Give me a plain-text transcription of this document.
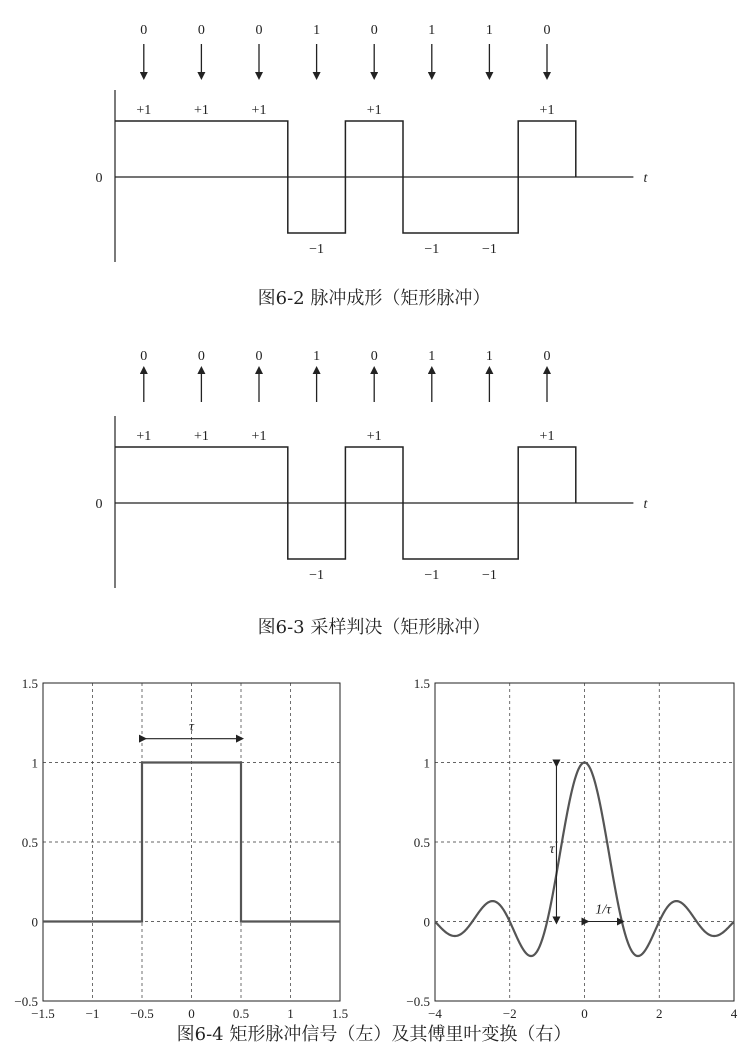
0	0	0	1	0	1	1	0
0	t
+1	+1	+1
−1
+1
−1	−1
+1
图6-2 脉冲成形（矩形脉冲）
0	0	0	1	0	1	1	0
0	t
+1	+1	+1
−1
+1
−1	−1
+1
图6-3 采样判决（矩形脉冲）
−1.5 −1 −0.5	0	0.5	1	1.5
−0.5
0
0.5
1
1.5
τ
−4	−2	0	2	4
−0.5
0
0.5
1
1.5
τ
1/τ
图6-4 矩形脉冲信号（左）及其傅里叶变换（右）
